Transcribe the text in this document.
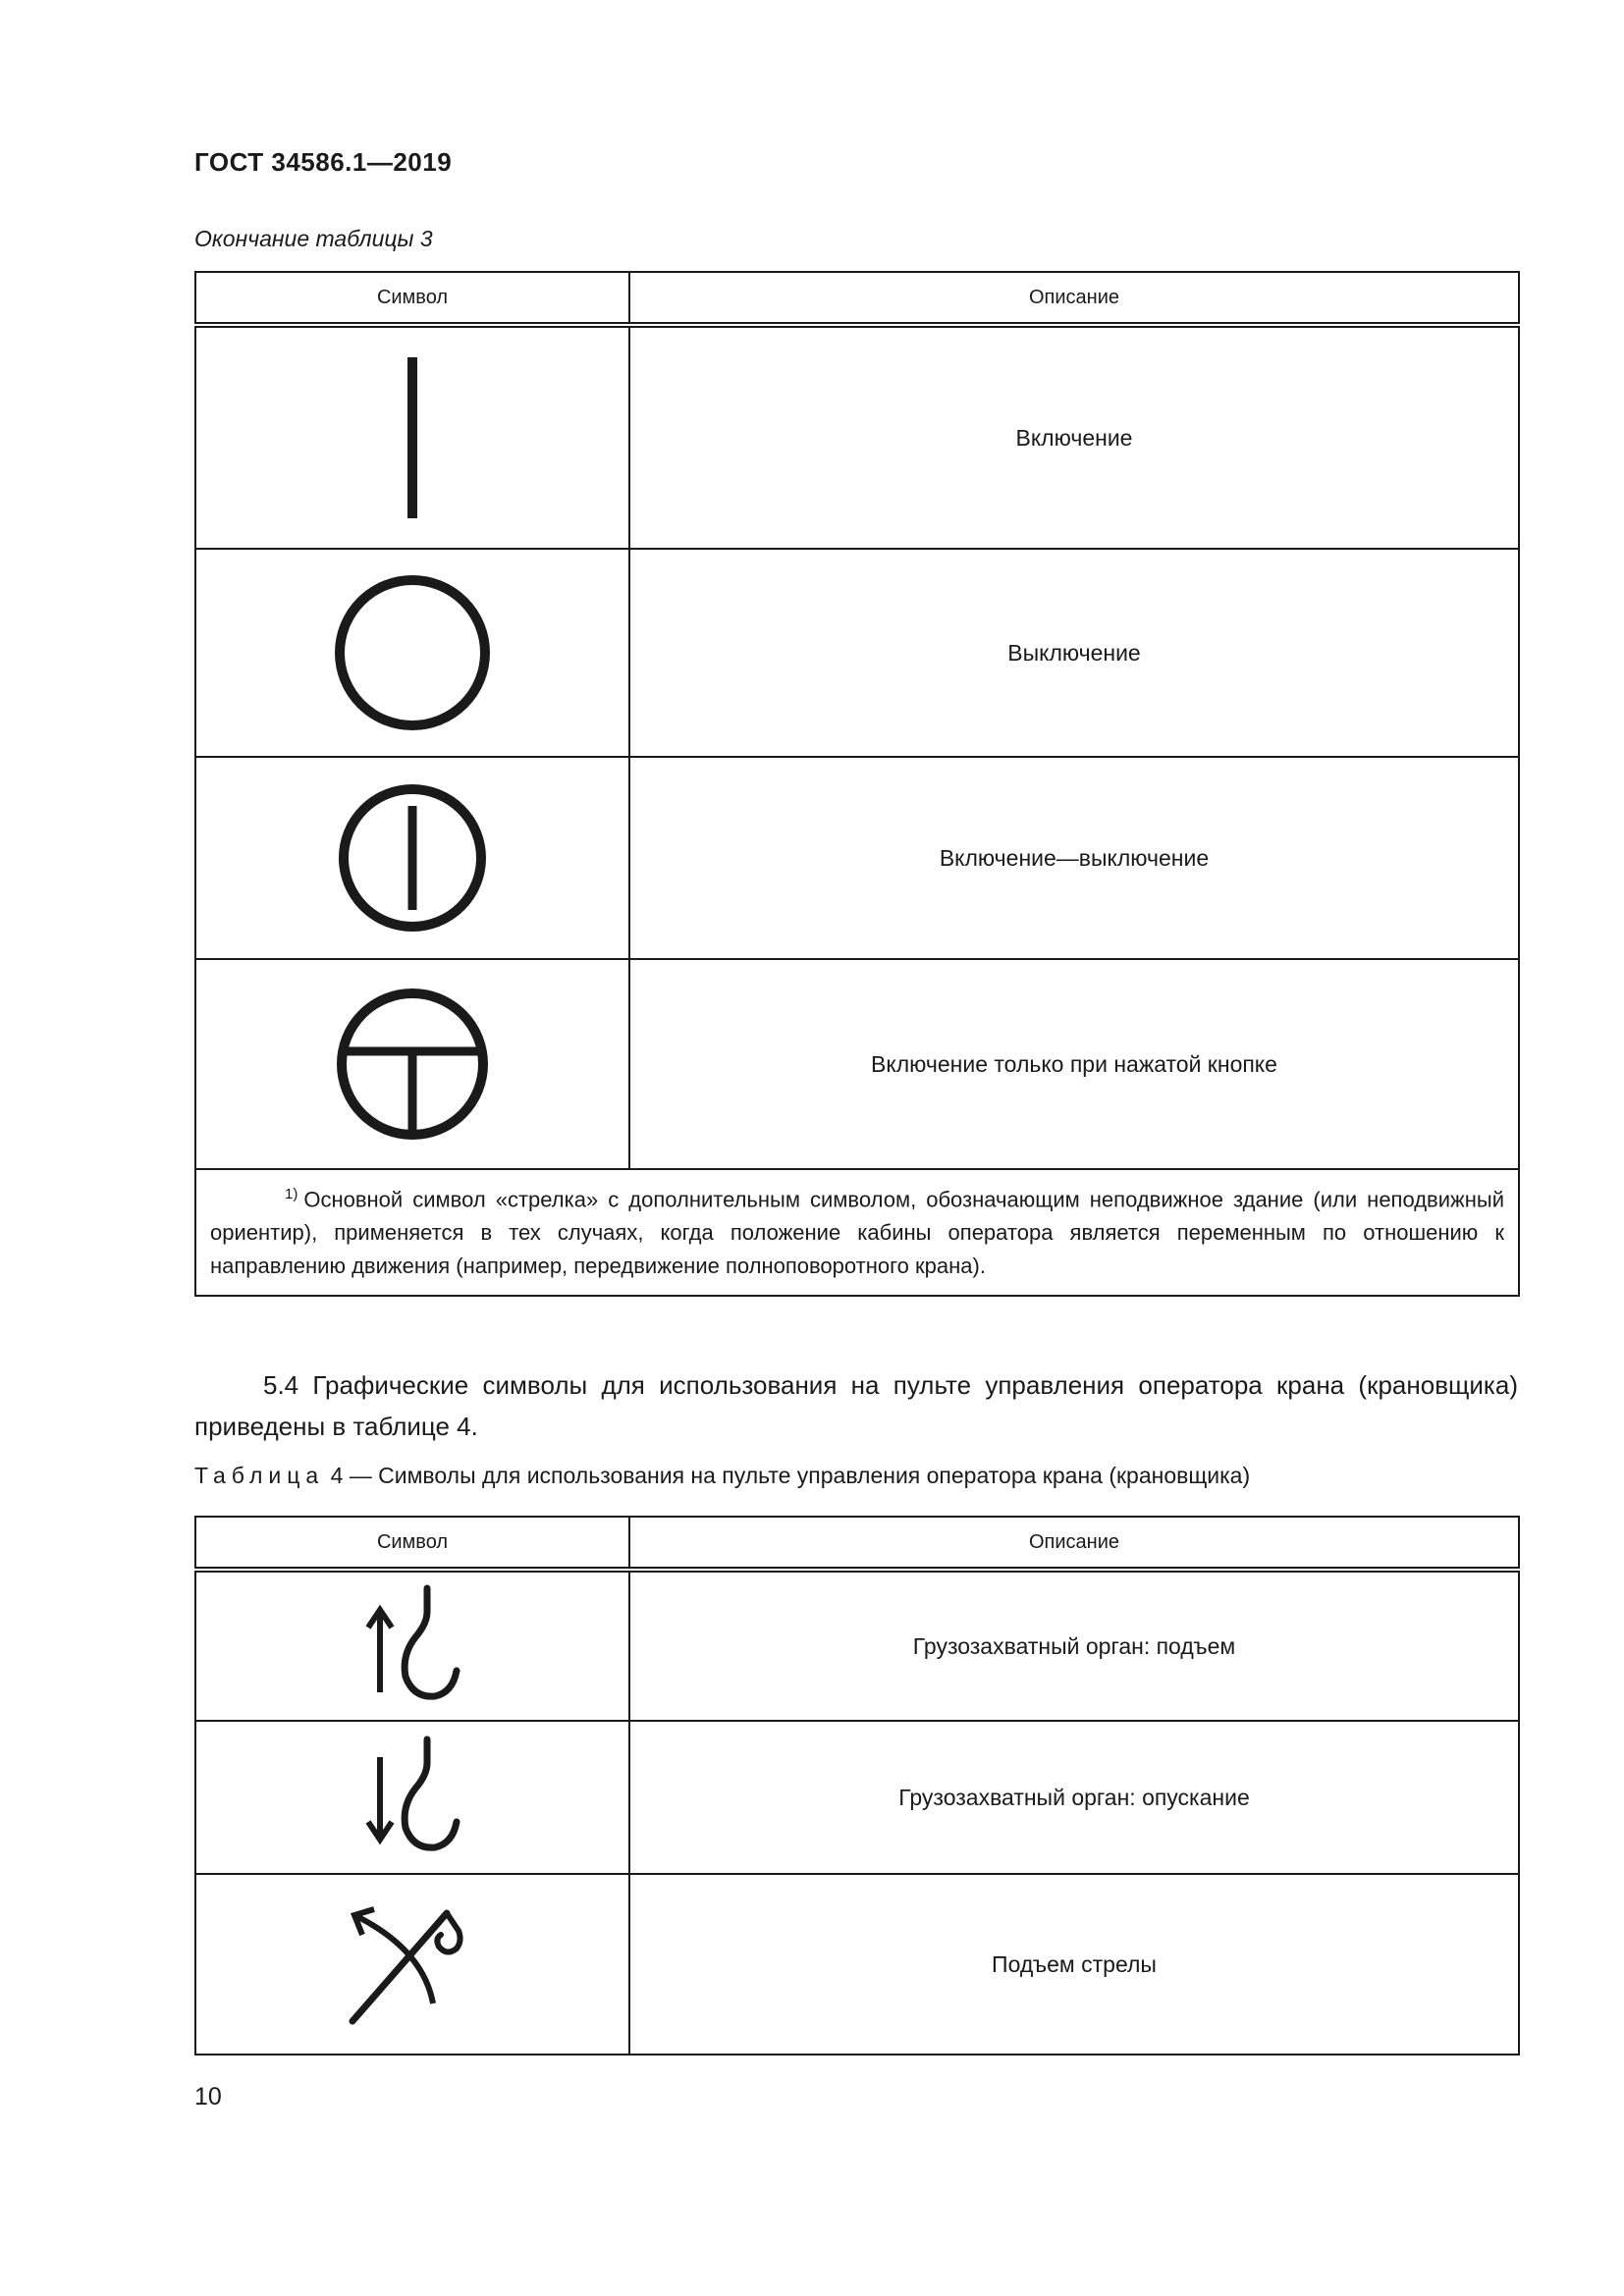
ГОСТ 34586.1—2019
Окончание таблицы 3
Символ	Описание

	Включение

	Выключение

	Включение—выключение

	Включение только при нажатой кнопке
$^{1)}$ Основной символ «стрелка» с дополнительным символом, обозначающим неподвижное здание (или неподвижный ориентир), применяется в тех случаях, когда положение кабины оператора является переменным по отношению к направлению движения (например, передвижение полноповоротного крана).	
5.4 Графические символы для использования на пульте управления оператора крана (крановщика) приведены в таблице 4.
Таблица 4 — Символы для использования на пульте управления оператора крана (крановщика)
Символ	Описание

	Грузозахватный орган: подъем

	Грузозахватный орган: опускание

	Подъем стрелы
10
